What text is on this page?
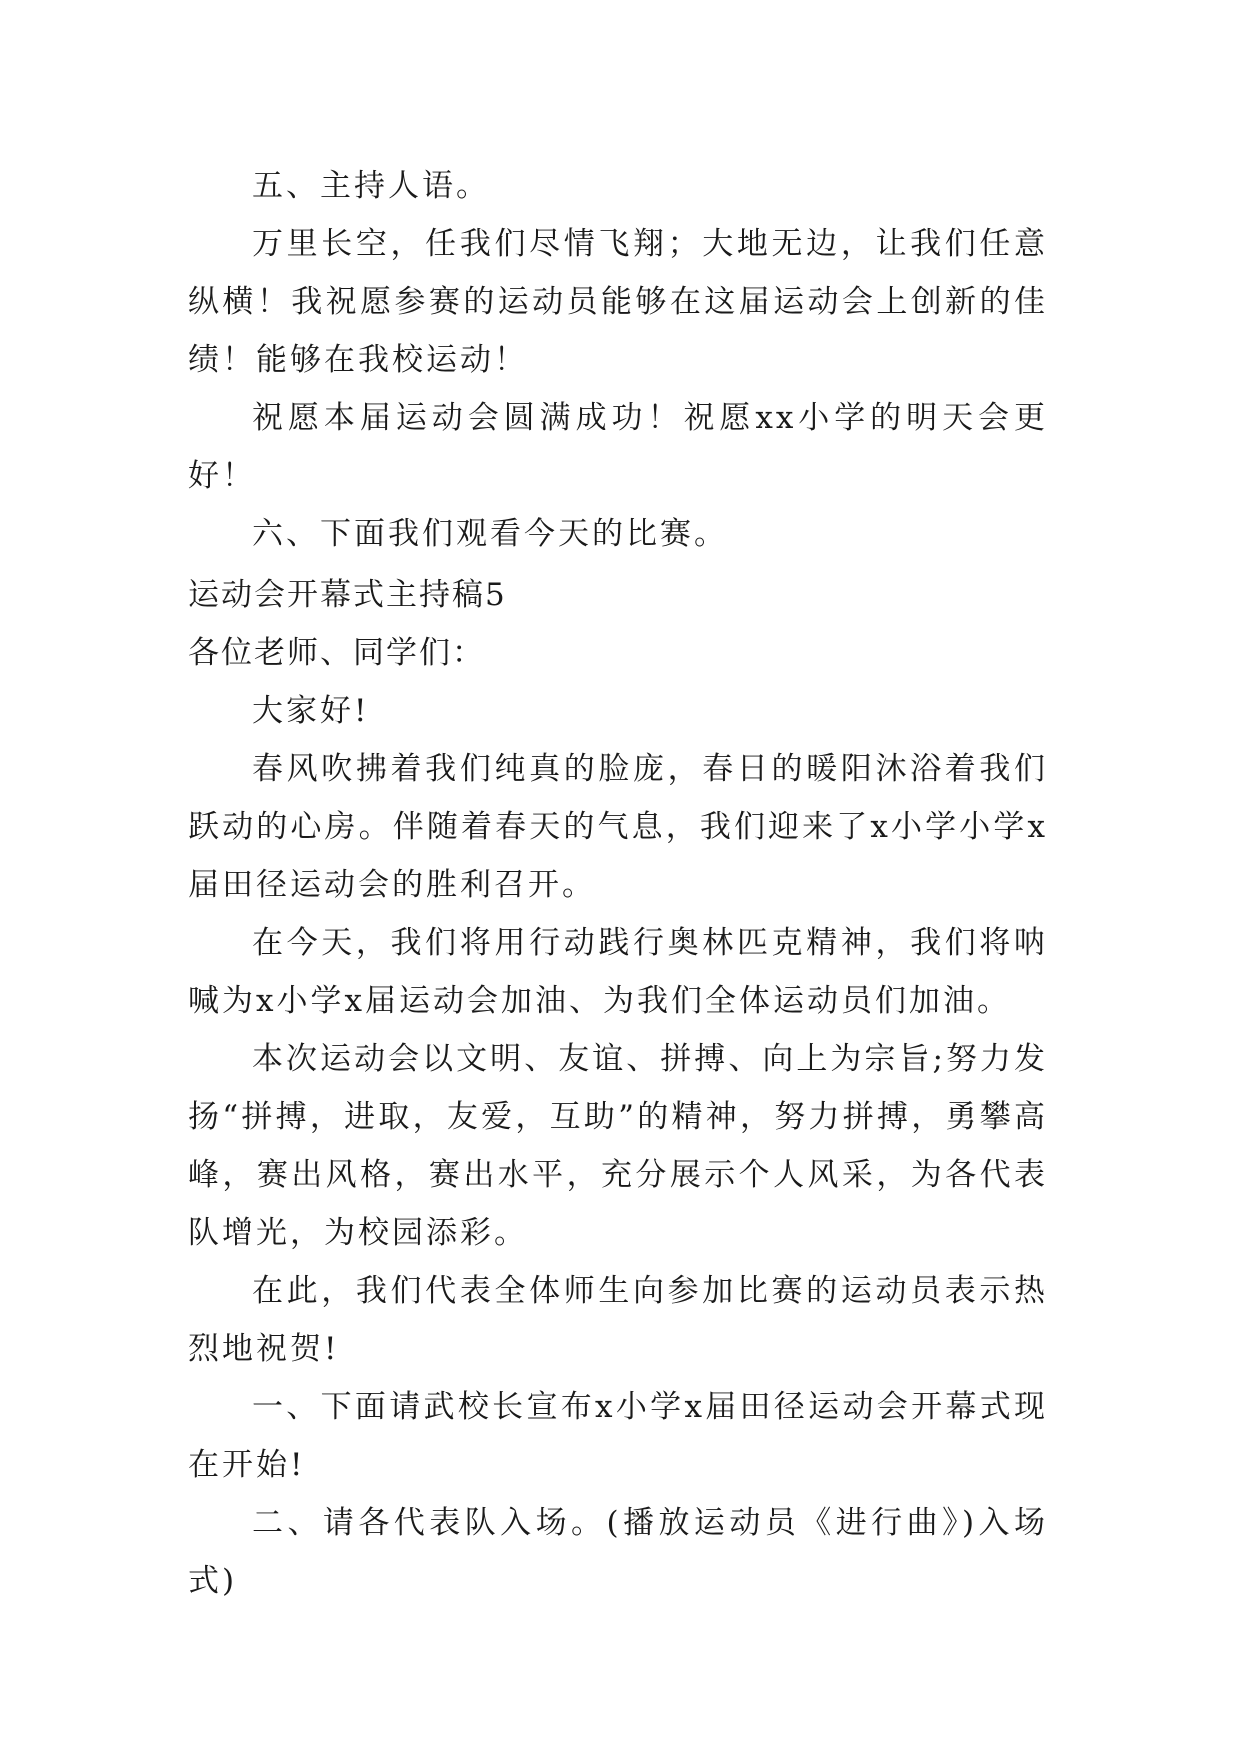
五、主持人语。

万里长空，任我们尽情飞翔；大地无边，让我们任意纵横！我祝愿参赛的运动员能够在这届运动会上创新的佳绩！能够在我校运动！

祝愿本届运动会圆满成功！祝愿xx小学的明天会更好！

六、下面我们观看今天的比赛。

运动会开幕式主持稿5

各位老师、同学们：

大家好!

春风吹拂着我们纯真的脸庞，春日的暖阳沐浴着我们跃动的心房。伴随着春天的气息，我们迎来了x小学小学x届田径运动会的胜利召开。

在今天，我们将用行动践行奥林匹克精神，我们将呐喊为x小学x届运动会加油、为我们全体运动员们加油。

本次运动会以文明、友谊、拼搏、向上为宗旨;努力发扬“拼搏，进取，友爱，互助”的精神，努力拼搏，勇攀高峰，赛出风格，赛出水平，充分展示个人风采，为各代表队增光，为校园添彩。

在此，我们代表全体师生向参加比赛的运动员表示热烈地祝贺!

一、下面请武校长宣布x小学x届田径运动会开幕式现在开始!

二、请各代表队入场。(播放运动员《进行曲》)入场式)
